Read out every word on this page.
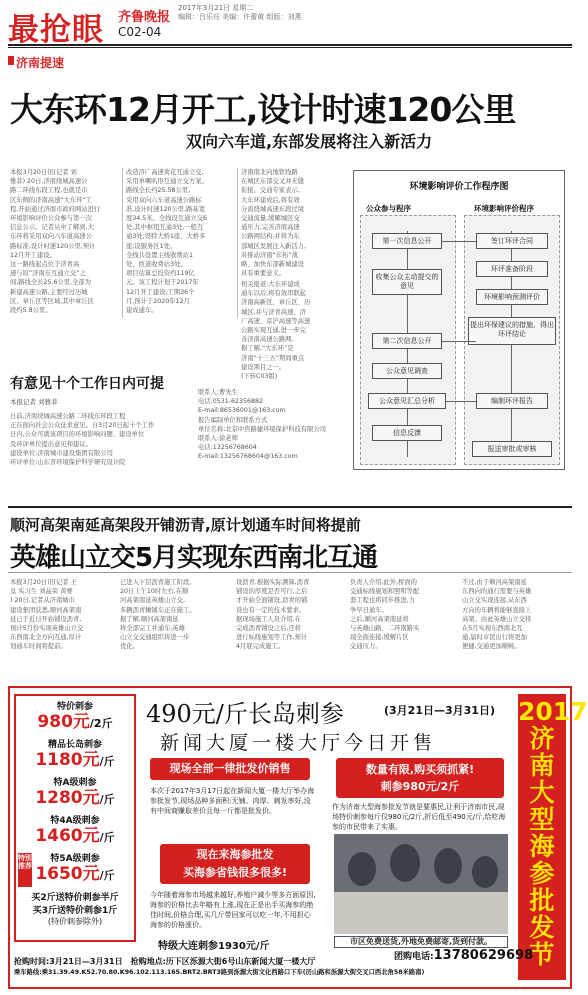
最抢眼 齐鲁晚报
2017年3月21日 星期二
编辑：吕乐珏 美编：许蕾黄 组版：刘燕
C02-04
济南提速
大东环12月开工,设计时速120公里
双向六车道,东部发展将注入新活力
本报3月20日讯(记者 刘
雅菲) 20日,济南绕城高速公
路二环线东段工程,也就是市
区东侧的济南高速“大东环”工
程,开始通过济南市政府网站进行
环境影响评价公众参与第一次
信息公示。记者从中了解到,大
东环将采用双向六车道高速公
路标准,设计时速120公里,预计
12月开工建设。
这一路线起点位于济青高
速与原“济南东互通立交”之
间,路线全长25.6公里,全部为
新建高速公路,主要经过历城
区、章丘区等区域,其中章丘区
段约5.8公里。
改造济广高速荷花互通立交,
采用单喇叭形互通立交方案。
路线全长约25.58公里,
采用双向六车道高速公路标
准,设计时速120公里,路基宽
度34.5米。全线设互通立交6
处,其中枢纽互通3处,一般互
通3处;设特大桥1座、大桥多
座;设服务区1处。
全线共设置主线收费站1
处、匝道收费站3处。
项目估算总投资约119亿
元。该工程计划于2017年
12月开工建设,工期36个
月,预计于2020年12月
建成通车。
济南南北向地铁线路
在城区东部交叉并无缝
衔接。交通专家表示,
大东环建成后,将有效
分流绕城高速东段过境
交通流量,缓解城区交
通压力,完善济南高速
公路网结构,并将为东
部城区发展注入新活力,
对推动济南“东拓”战
略、加快东部新城建设
具有重要意义。
相关报道:大东环建成
通车以后,将有效串联起
济南高新区、章丘区、历
城区,并与济青高速、济
广高速、京沪高速等高速
公路实现互通,进一步完
善济南高速公路网。
据了解,“大东环”是
济南“十三五”期间重点
建设项目之一。
(下转C03版)
有意见十个工作日内可提
本报记者 刘雅菲
日前,济南绕城高速公路二环线东环段工程
正在面向社会公众征求意见。自3月20日起十个工作
日内,公众可就该项目的环境影响问题、建设单位
及环评单位提出意见和建议。
建设单位:济南城市建设集团有限公司
环评单位:山东省环境保护科学研究设计院
联系人:曹先生
电话:0531-62356882
E-mail:86536001@163.com
报告编制单位和联系方式
单位名称:北京中咨路捷环境保护科技有限公司
联系人:徐老师
电话:13256768604
E-mail:13256768604@163.com
环境影响评价工作程序图
公众参与程序	环境影响评价程序
第一次信息公开
收集公众主动提交的意见
第二次信息公开
公众意见调查
公众意见汇总分析
信息反馈
签订环评合同
环评准备阶段
环境影响预测评价
提出环保建议的措施、得出环评结论
编制环评报告
报送审批或审核
顺河高架南延高架段开铺沥青,原计划通车时间将提前
英雄山立交5月实现东西南北互通
本报3月20日讯(记者 王
皇 实习生 刘晶荣 黄赛
) 20日,记者从济南城市
建设集团获悉,顺河高架南
延已于近日开始铺设沥青,
预计5月份实现英雄山立交
东西南北全方向互通,原计
划通车时间将提前。
已进入下层沥青施工阶段。
20日上午10时左右,在顺
河高架南延英雄山立交,
多辆沥青摊铺车正在施工。
据了解,顺河高架南延
将全部完工并通车,英雄
山立交交通组织将进一步
优化。
设沥青,根据实际测算,沥青
铺设的厚度是否可行,之后
才开始全面铺设,沥青的铺
设也有一定的技术要求。
据现场施工人员介绍,在
完成沥青铺设之后,还将
进行标线施划等工作,预计
4月底完成施工。
负责人介绍,此外,桥面的
交通标线施划和照明等配
套工程也将同步推进,力
争早日通车。
之后,顺河高架南延将
与英雄山路、二环南路实
现全面连接,缓解片区
交通压力。
不过,由于顺河高架南延
东西向的通行需要与英雄
山立交实现连接,从东西
方向的车辆将能够直接上
高架。由此英雄山立交将
在5月实现东西南北互
通,届时市民出行将更加
便捷,交通更加顺畅。
特价刺参
980元/2斤
精品长岛刺参
1180元/斤
特A级刺参
1280元/斤
特4A级刺参
1460元/斤
特别推荐
特5A级刺参
1650元/斤
买2斤送特价刺参半斤
买3斤送特价刺参1斤
(特价刺参除外)
490元/斤长岛刺参	(3月21日—3月31日)
新闻大厦一楼大厅今日开售
现场全部一律批发价销售
本次于2017年3月17日起在新闻大厦一楼大厅举办海参批发节,现场品种多面积:无铺、肉厚、刺发率好,没有中间商赚取差价且每一斤都是批发价。
现在来海参批发
买海参省钱很多很多!
今年随着海参市场越来越好,养殖户减少等多方面原因,海参的价格比去年略有上涨,现在正是出手买海参的绝佳时间,价格合理,买几斤带回家可以吃一年,不用担心海参的价格涨价。
特级大连刺参1930元/斤
数量有限,购买须抓紧!
刺参980元/2斤
作为济南大型海参批发节就是要惠民,让利于济南市民,现场特价刺参每斤仅980元/2斤,折后低至490元/斤,给吃海参的市民带来了实惠。
市区免费送货,外地免费邮寄,货到付款。
2017济南大型海参批发节
抢购时间:3月21日—3月31日　 抢购地点:历下区泺源大街6号山东新闻大厦一楼大厅
乘车路线:乘31.39.49.K52.70.80.K96.102.113.165.BRT2.BRT3路到泺源大街文化西路口下车(历山路和泺源大街交叉口西北角58米路南)
团购电话:13780629698
